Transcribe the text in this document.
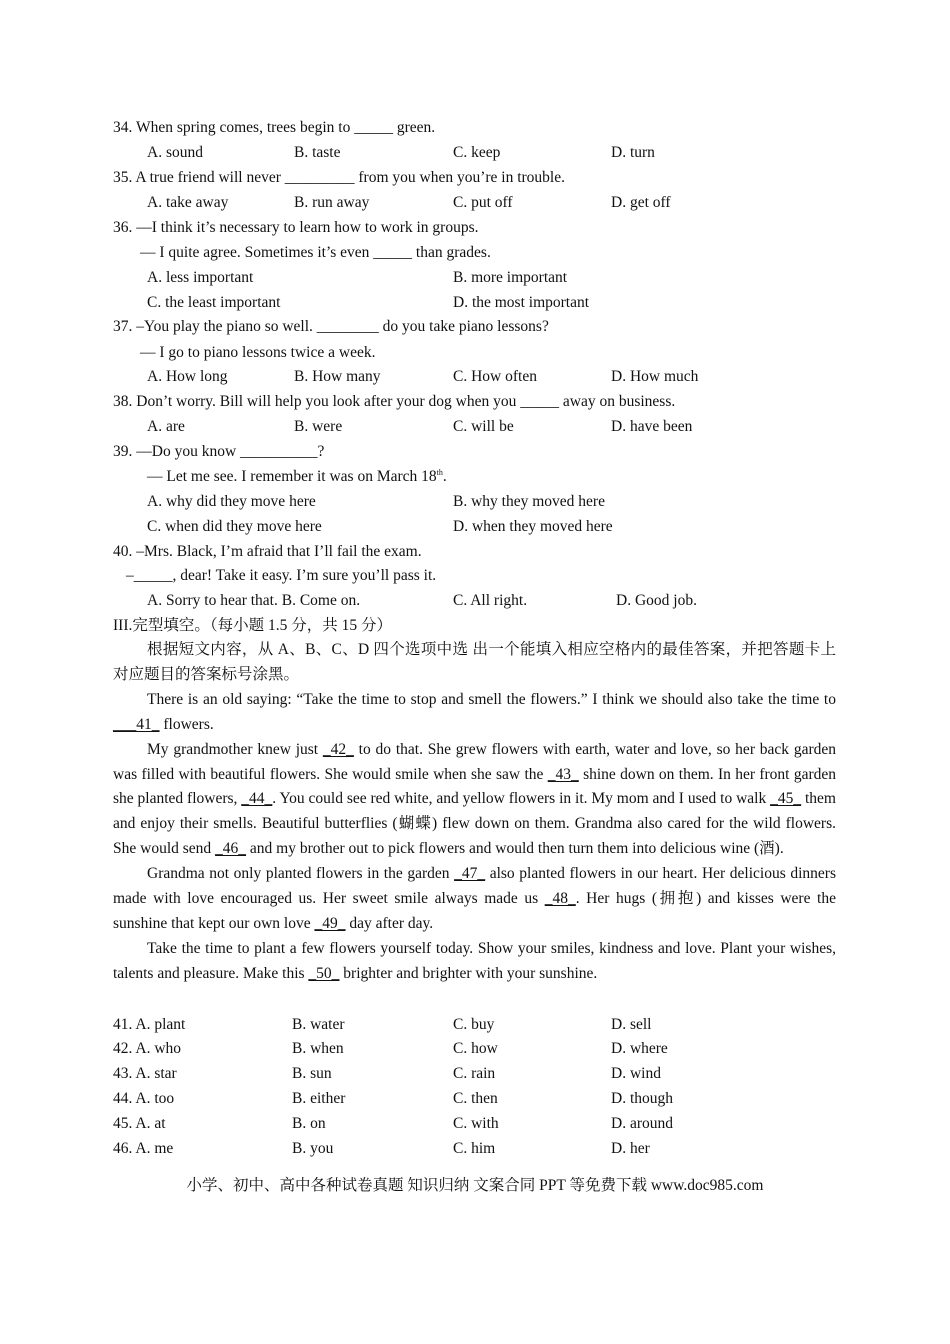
34. When spring comes, trees begin to _____ green.
A. sound	B. taste	C. keep	D. turn
35. A true friend will never _________ from you when you’re in trouble.
A. take away	B. run away	C. put off	D. get off
36. —I think it’s necessary to learn how to work in groups.
— I quite agree. Sometimes it’s even _____ than grades.
A. less important	B. more important
C. the least important	D. the most important
37. –You play the piano so well. ________ do you take piano lessons?
— I go to piano lessons twice a week.
A. How long	B. How many	C. How often	D. How much
38. Don’t worry. Bill will help you look after your dog when you _____ away on business.
A. are	B. were	C. will be	D. have been
39. —Do you know __________?
— Let me see. I remember it was on March 18th.
A. why did they move here	B. why they moved here
C. when did they move here	D. when they moved here
40. –Mrs. Black, I’m afraid that I’ll fail the exam.
–_____, dear! Take it easy. I’m sure you’ll pass it.
A. Sorry to hear that. B. Come on.	C. All right.	D. Good job.
III.完型填空。（每小题 1.5 分，共 15 分）

根据短文内容，从 A、B、C、D 四个选项中选 出一个能填入相应空格内的最佳答案，并把答题卡上对应题目的答案标号涂黑。

There is an old saying: “Take the time to stop and smell the flowers.” I think we should also take the time to ___41_ flowers.

My grandmother knew just _42_ to do that. She grew flowers with earth, water and love, so her back garden was filled with beautiful flowers. She would smile when she saw the _43_ shine down on them. In her front garden she planted flowers, _44_. You could see red white, and yellow flowers in it. My mom and I used to walk _45_ them and enjoy their smells. Beautiful butterflies (蝴蝶) flew down on them. Grandma also cared for the wild flowers. She would send _46_ and my brother out to pick flowers and would then turn them into delicious wine (酒).

Grandma not only planted flowers in the garden _47_ also planted flowers in our heart. Her delicious dinners made with love encouraged us. Her sweet smile always made us _48_. Her hugs (拥抱) and kisses were the sunshine that kept our own love _49_ day after day.

Take the time to plant a few flowers yourself today. Show your smiles, kindness and love. Plant your wishes, talents and pleasure. Make this _50_ brighter and brighter with your sunshine.

41. A. plant	B. water	C. buy	D. sell
42. A. who	B. when	C. how	D. where
43. A. star	B. sun	C. rain	D. wind
44. A. too	B. either	C. then	D. though
45. A. at	B. on	C. with	D. around
46. A. me	B. you	C. him	D. her
小学、初中、高中各种试卷真题 知识归纳 文案合同 PPT 等免费下载 www.doc985.com
